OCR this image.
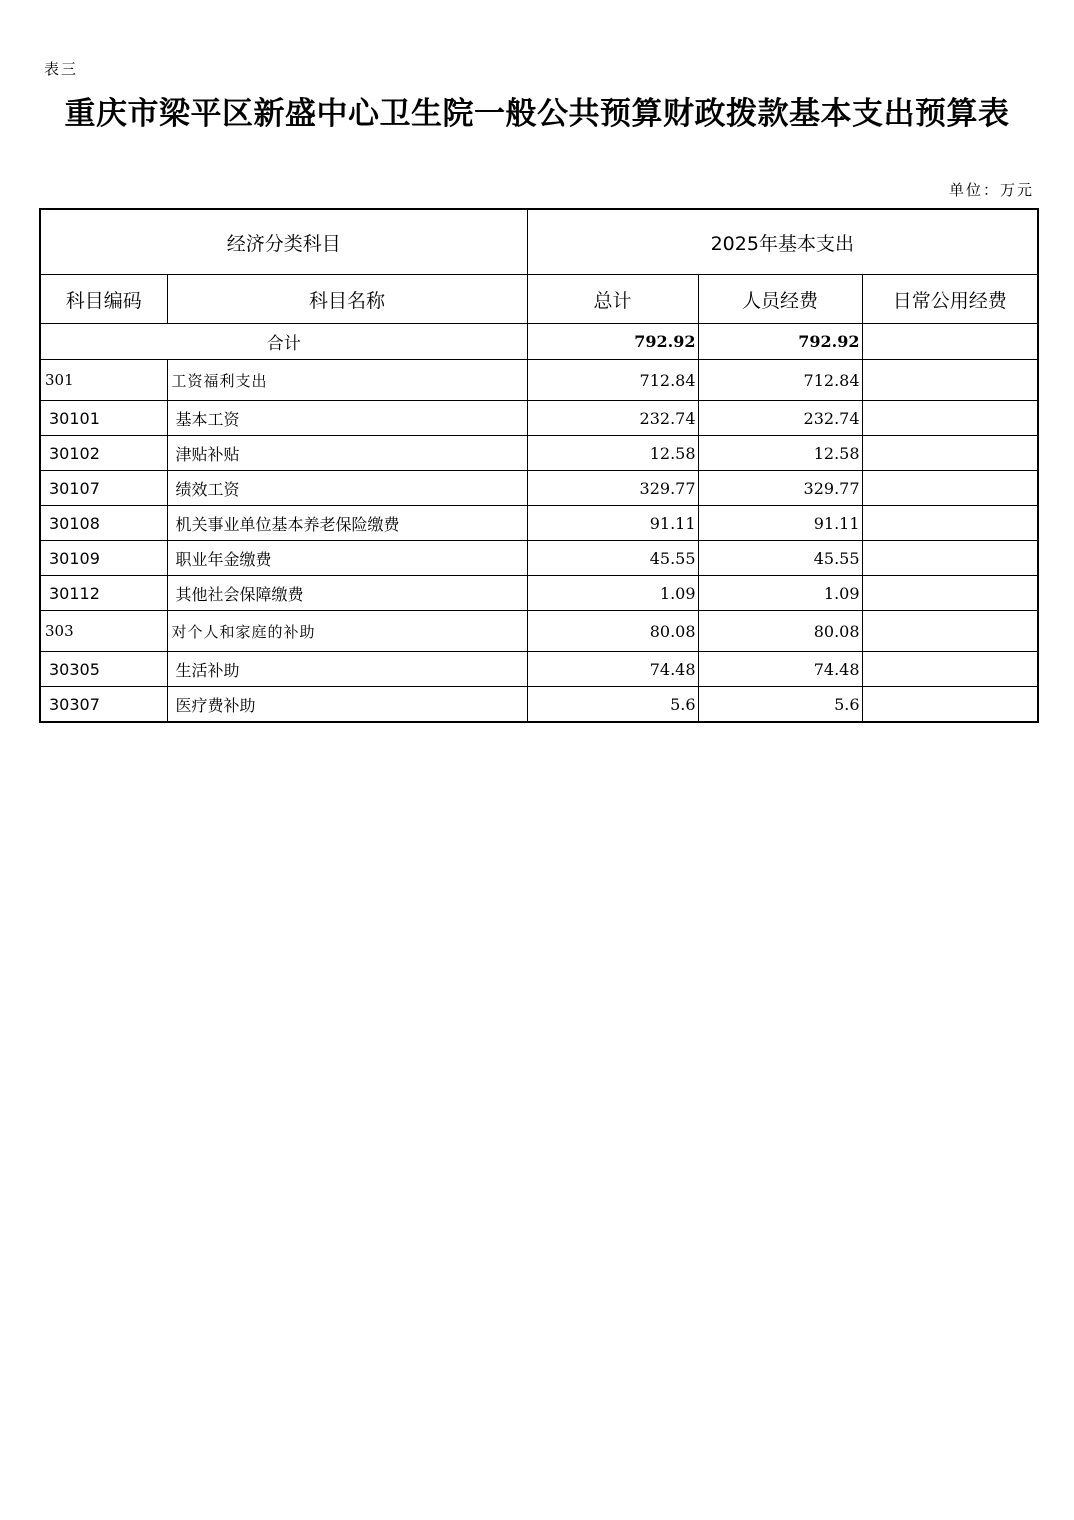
表三
重庆市梁平区新盛中心卫生院一般公共预算财政拨款基本支出预算表
单位：万元
经济分类科目		2025年基本支出		
科目编码	科目名称	总计	人员经费	日常公用经费
合计		792.92	792.92	
301	工资福利支出	712.84	712.84	
30101	基本工资	232.74	232.74	
30102	津贴补贴	12.58	12.58	
30107	绩效工资	329.77	329.77	
30108	机关事业单位基本养老保险缴费	91.11	91.11	
30109	职业年金缴费	45.55	45.55	
30112	其他社会保障缴费	1.09	1.09	
303	对个人和家庭的补助	80.08	80.08	
30305	生活补助	74.48	74.48	
30307	医疗费补助	5.6	5.6	
